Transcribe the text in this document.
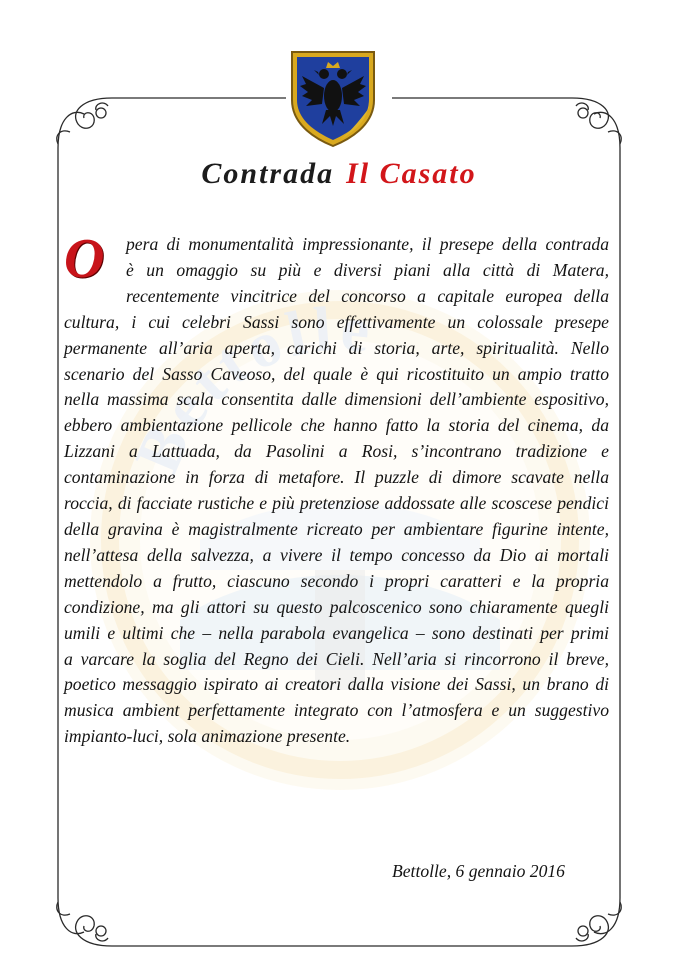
Bettolle
Contrada Il Casato
O	pera di monumentalità impressionante, il presepe della contrada
è un omaggio su più e diversi piani alla città di Matera,
recentemente vincitrice del concorso a capitale europea della
cultura, i cui celebri Sassi sono effettivamente un colossale presepe
permanente all’aria aperta, carichi di storia, arte, spiritualità. Nello
scenario del Sasso Caveoso, del quale è qui ricostituito un ampio tratto
nella massima scala consentita dalle dimensioni dell’ambiente espositivo,
ebbero ambientazione pellicole che hanno fatto la storia del cinema, da
Lizzani a Lattuada, da Pasolini a Rosi, s’incontrano tradizione e
contaminazione in forza di metafore. Il puzzle di dimore scavate nella
roccia, di facciate rustiche e più pretenziose addossate alle scoscese pendici
della gravina è magistralmente ricreato per ambientare figurine intente,
nell’attesa della salvezza, a vivere il tempo concesso da Dio ai mortali
mettendolo a frutto, ciascuno secondo i propri caratteri e la propria
condizione, ma gli attori su questo palcoscenico sono chiaramente quegli
umili e ultimi che – nella parabola evangelica – sono destinati per primi
a varcare la soglia del Regno dei Cieli. Nell’aria si rincorrono il breve,
poetico messaggio ispirato ai creatori dalla visione dei Sassi, un brano di
musica ambient perfettamente integrato con l’atmosfera e un suggestivo
impianto-luci, sola animazione presente.
Bettolle, 6 gennaio 2016
